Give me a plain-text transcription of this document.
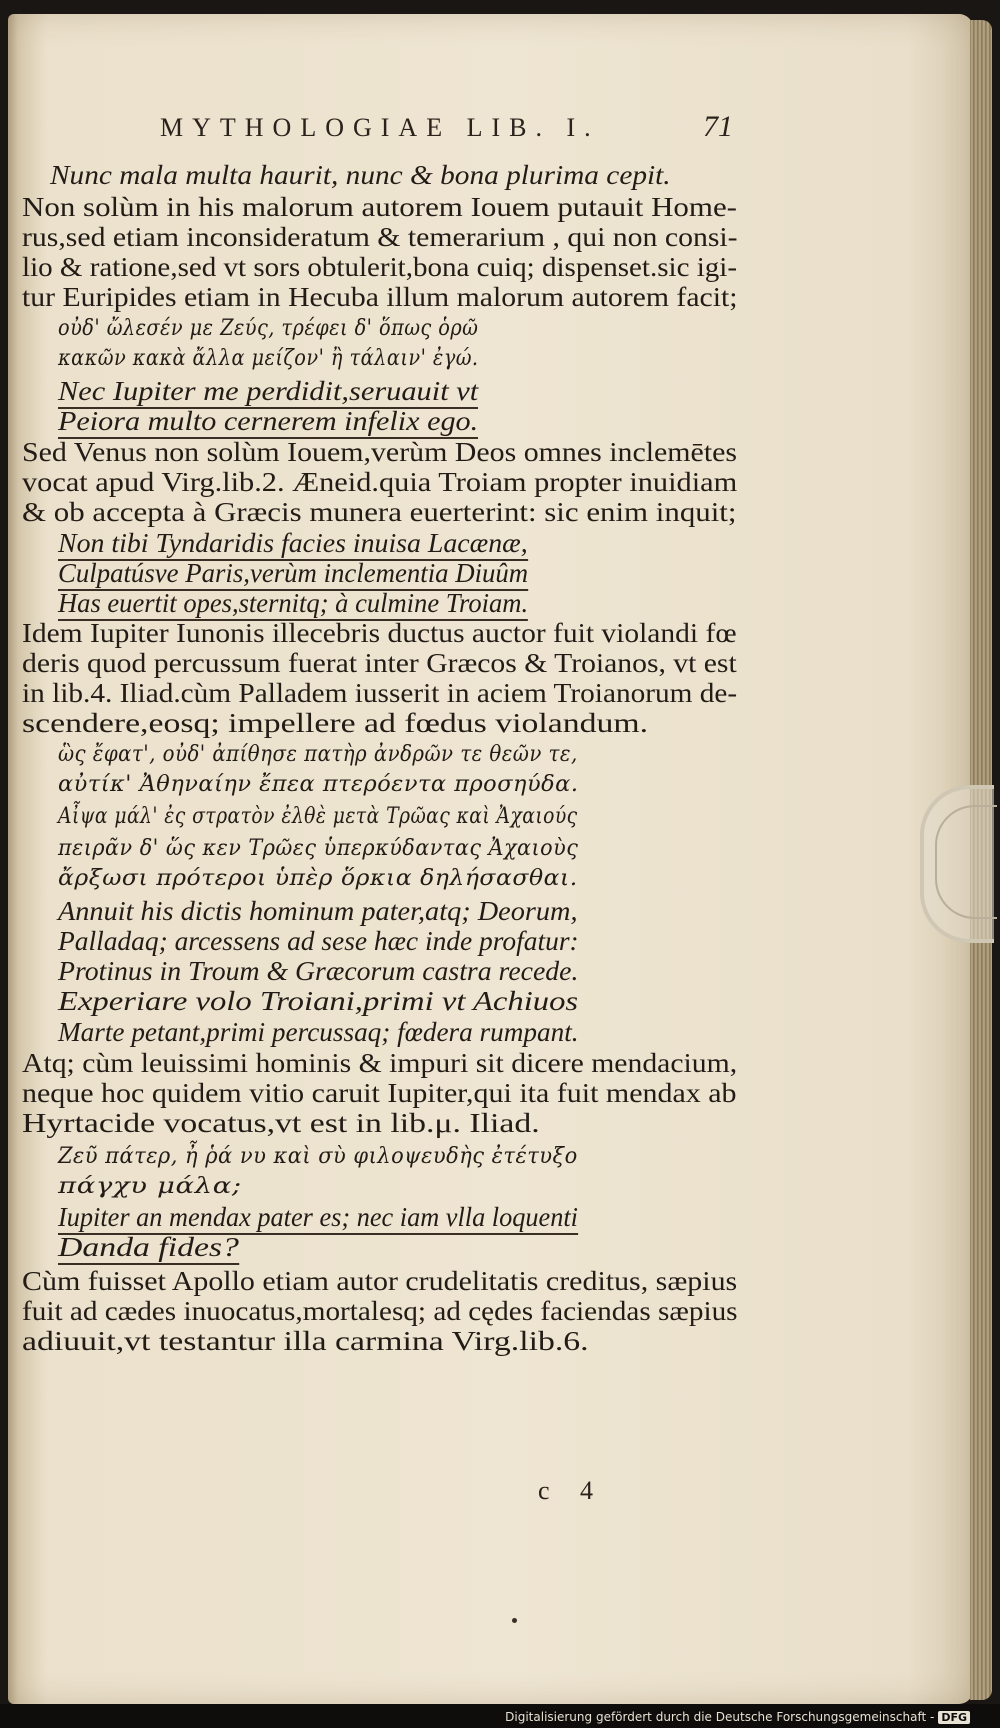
MYTHOLOGIAE LIB. I.	71
Nunc mala multa haurit, nunc & bona plurima cepit.
Non solùm in his malorum autorem Iouem putauit Home-
rus,sed etiam inconsideratum & temerarium , qui non consi-
lio & ratione,sed vt sors obtulerit,bona cuiq; dispenset.sic igi-
tur Euripides etiam in Hecuba illum malorum autorem facit;
οὐδ' ὤλεσέν με Ζεύς, τρέφει δ' ὅπως ὁρῶ
κακῶν κακὰ ἄλλα μείζον' ἢ τάλαιν' ἐγώ.
Nec Iupiter me perdidit,seruauit vt
Peiora multo cernerem infelix ego.
Sed Venus non solùm Iouem,verùm Deos omnes inclemētes
vocat apud Virg.lib.2. Æneid.quia Troiam propter inuidiam
& ob accepta à Græcis munera euerterint: sic enim inquit;
Non tibi Tyndaridis facies inuisa Lacænæ,
Culpatúsve Paris,verùm inclementia Diuûm
Has euertit opes,sternitq; à culmine Troiam.
Idem Iupiter Iunonis illecebris ductus auctor fuit violandi fœ
deris quod percussum fuerat inter Græcos & Troianos, vt est
in lib.4. Iliad.cùm Palladem iusserit in aciem Troianorum de-
scendere,eosq; impellere ad fœdus violandum.
ὣς ἔφατ', οὐδ' ἀπίθησε πατὴρ ἀνδρῶν τε θεῶν τε,
αὐτίκ' Ἀθηναίην ἔπεα πτερόεντα προσηύδα.
Αἶψα μάλ' ἐς στρατὸν ἐλθὲ μετὰ Τρῶας καὶ Ἀχαιούς
πειρᾶν δ' ὥς κεν Τρῶες ὑπερκύδαντας Ἀχαιοὺς
ἄρξωσι πρότεροι ὑπὲρ ὅρκια δηλήσασθαι.
Annuit his dictis hominum pater,atq; Deorum,
Palladaq; arcessens ad sese hæc inde profatur:
Protinus in Troum & Græcorum castra recede.
Experiare volo Troiani,primi vt Achiuos
Marte petant,primi percussaq; fœdera rumpant.
Atq; cùm leuissimi hominis & impuri sit dicere mendacium,
neque hoc quidem vitio caruit Iupiter,qui ita fuit mendax ab
Hyrtacide vocatus,vt est in lib.μ. Iliad.
Ζεῦ πάτερ, ἦ ῥά νυ καὶ σὺ φιλοψευδὴς ἐτέτυξο
πάγχυ μάλα;
Iupiter an mendax pater es; nec iam vlla loquenti
Danda fides?
Cùm fuisset Apollo etiam autor crudelitatis creditus, sæpius
fuit ad cædes inuocatus,mortalesq; ad cędes faciendas sæpius
adiuuit,vt testantur illa carmina Virg.lib.6.
c 4
Digitalisierung gefördert durch die Deutsche Forschungsgemeinschaft - DFG
